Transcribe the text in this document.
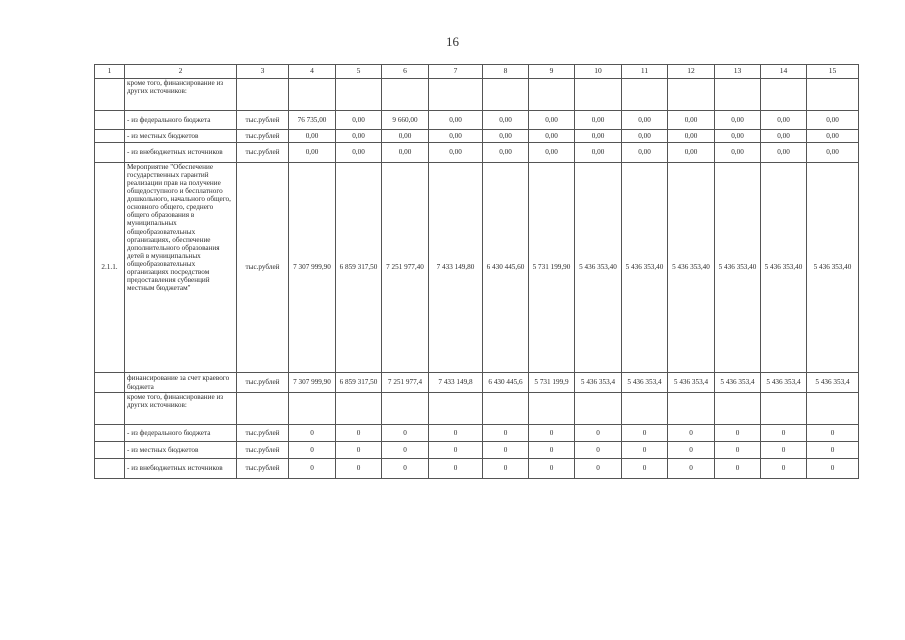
16
1	2	3	4	5	6	7	8	9	10	11	12	13	14	15
	кроме того, финансирование из других источников:													
	- из федерального бюджета	тыс.рублей	76 735,00	0,00	9 660,00	0,00	0,00	0,00	0,00	0,00	0,00	0,00	0,00	0,00
	- из местных бюджетов	тыс.рублей	0,00	0,00	0,00	0,00	0,00	0,00	0,00	0,00	0,00	0,00	0,00	0,00
	- из внебюджетных источников	тыс.рублей	0,00	0,00	0,00	0,00	0,00	0,00	0,00	0,00	0,00	0,00	0,00	0,00
2.1.1.	Мероприятие "Обеспечение государственных гарантий реализации прав на получение общедоступного и бесплатного дошкольного, начального общего, основного общего, среднего общего образования в муниципальных общеобразовательных организациях, обеспечение дополнительного образования детей в муниципальных общеобразовательных организациях посредством предоставления субвенций местным бюджетам"	тыс.рублей	7 307 999,90	6 859 317,50	7 251 977,40	7 433 149,80	6 430 445,60	5 731 199,90	5 436 353,40	5 436 353,40	5 436 353,40	5 436 353,40	5 436 353,40	5 436 353,40
	финансирование за счет краевого бюджета	тыс.рублей	7 307 999,90	6 859 317,50	7 251 977,4	7 433 149,8	6 430 445,6	5 731 199,9	5 436 353,4	5 436 353,4	5 436 353,4	5 436 353,4	5 436 353,4	5 436 353,4
	кроме того, финансирование из других источников:													
	- из федерального бюджета	тыс.рублей	0	0	0	0	0	0	0	0	0	0	0	0
	- из местных бюджетов	тыс.рублей	0	0	0	0	0	0	0	0	0	0	0	0
	- из внебюджетных источников	тыс.рублей	0	0	0	0	0	0	0	0	0	0	0	0
